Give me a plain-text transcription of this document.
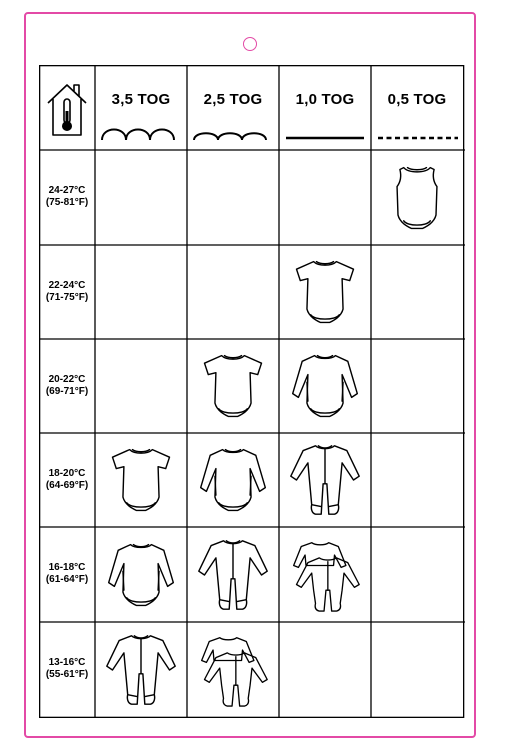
3,5 TOG	2,5 TOG	1,0 TOG	0,5 TOG
24-27°C
(75-81°F)
22-24°C
(71-75°F)
20-22°C
(69-71°F)
18-20°C
(64-69°F)
16-18°C
(61-64°F)
13-16°C
(55-61°F)
